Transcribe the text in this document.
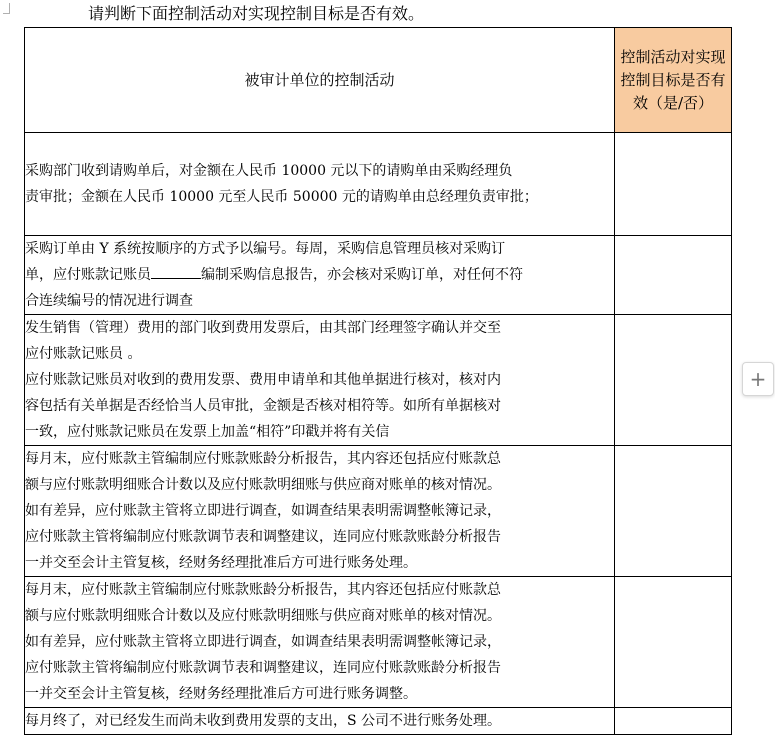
请判断下面控制活动对实现控制目标是否有效。
被审计单位的控制活动	控制活动对实现控制目标是否有效（是/否）

采购部门收到请购单后，对金额在人民币 10000 元以下的请购单由采购经理负
责审批；金额在人民币 10000 元至人民币 50000 元的请购单由总经理负责审批；	

采购订单由 Y 系统按顺序的方式予以编号。每周，采购信息管理员核对采购订
单，应付账款记账员 编制采购信息报告，亦会核对采购订单，对任何不符
合连续编号的情况进行调查	

发生销售（管理）费用的部门收到费用发票后，由其部门经理签字确认并交至
应付账款记账员 。
应付账款记账员对收到的费用发票、费用申请单和其他单据进行核对，核对内
容包括有关单据是否经恰当人员审批，金额是否核对相符等。如所有单据核对
一致，应付账款记账员在发票上加盖“相符”印戳并将有关信	

每月末，应付账款主管编制应付账款账龄分析报告，其内容还包括应付账款总
额与应付账款明细账合计数以及应付账款明细账与供应商对账单的核对情况。
如有差异，应付账款主管将立即进行调查，如调查结果表明需调整帐簿记录，
应付账款主管将编制应付账款调节表和调整建议，连同应付账款账龄分析报告
一并交至会计主管复核，经财务经理批准后方可进行账务处理。	

每月末，应付账款主管编制应付账款账龄分析报告，其内容还包括应付账款总
额与应付账款明细账合计数以及应付账款明细账与供应商对账单的核对情况。
如有差异，应付账款主管将立即进行调查，如调查结果表明需调整帐簿记录，
应付账款主管将编制应付账款调节表和调整建议，连同应付账款账龄分析报告
一并交至会计主管复核，经财务经理批准后方可进行账务调整。	

每月终了，对已经发生而尚未收到费用发票的支出，S 公司不进行账务处理。	

+
